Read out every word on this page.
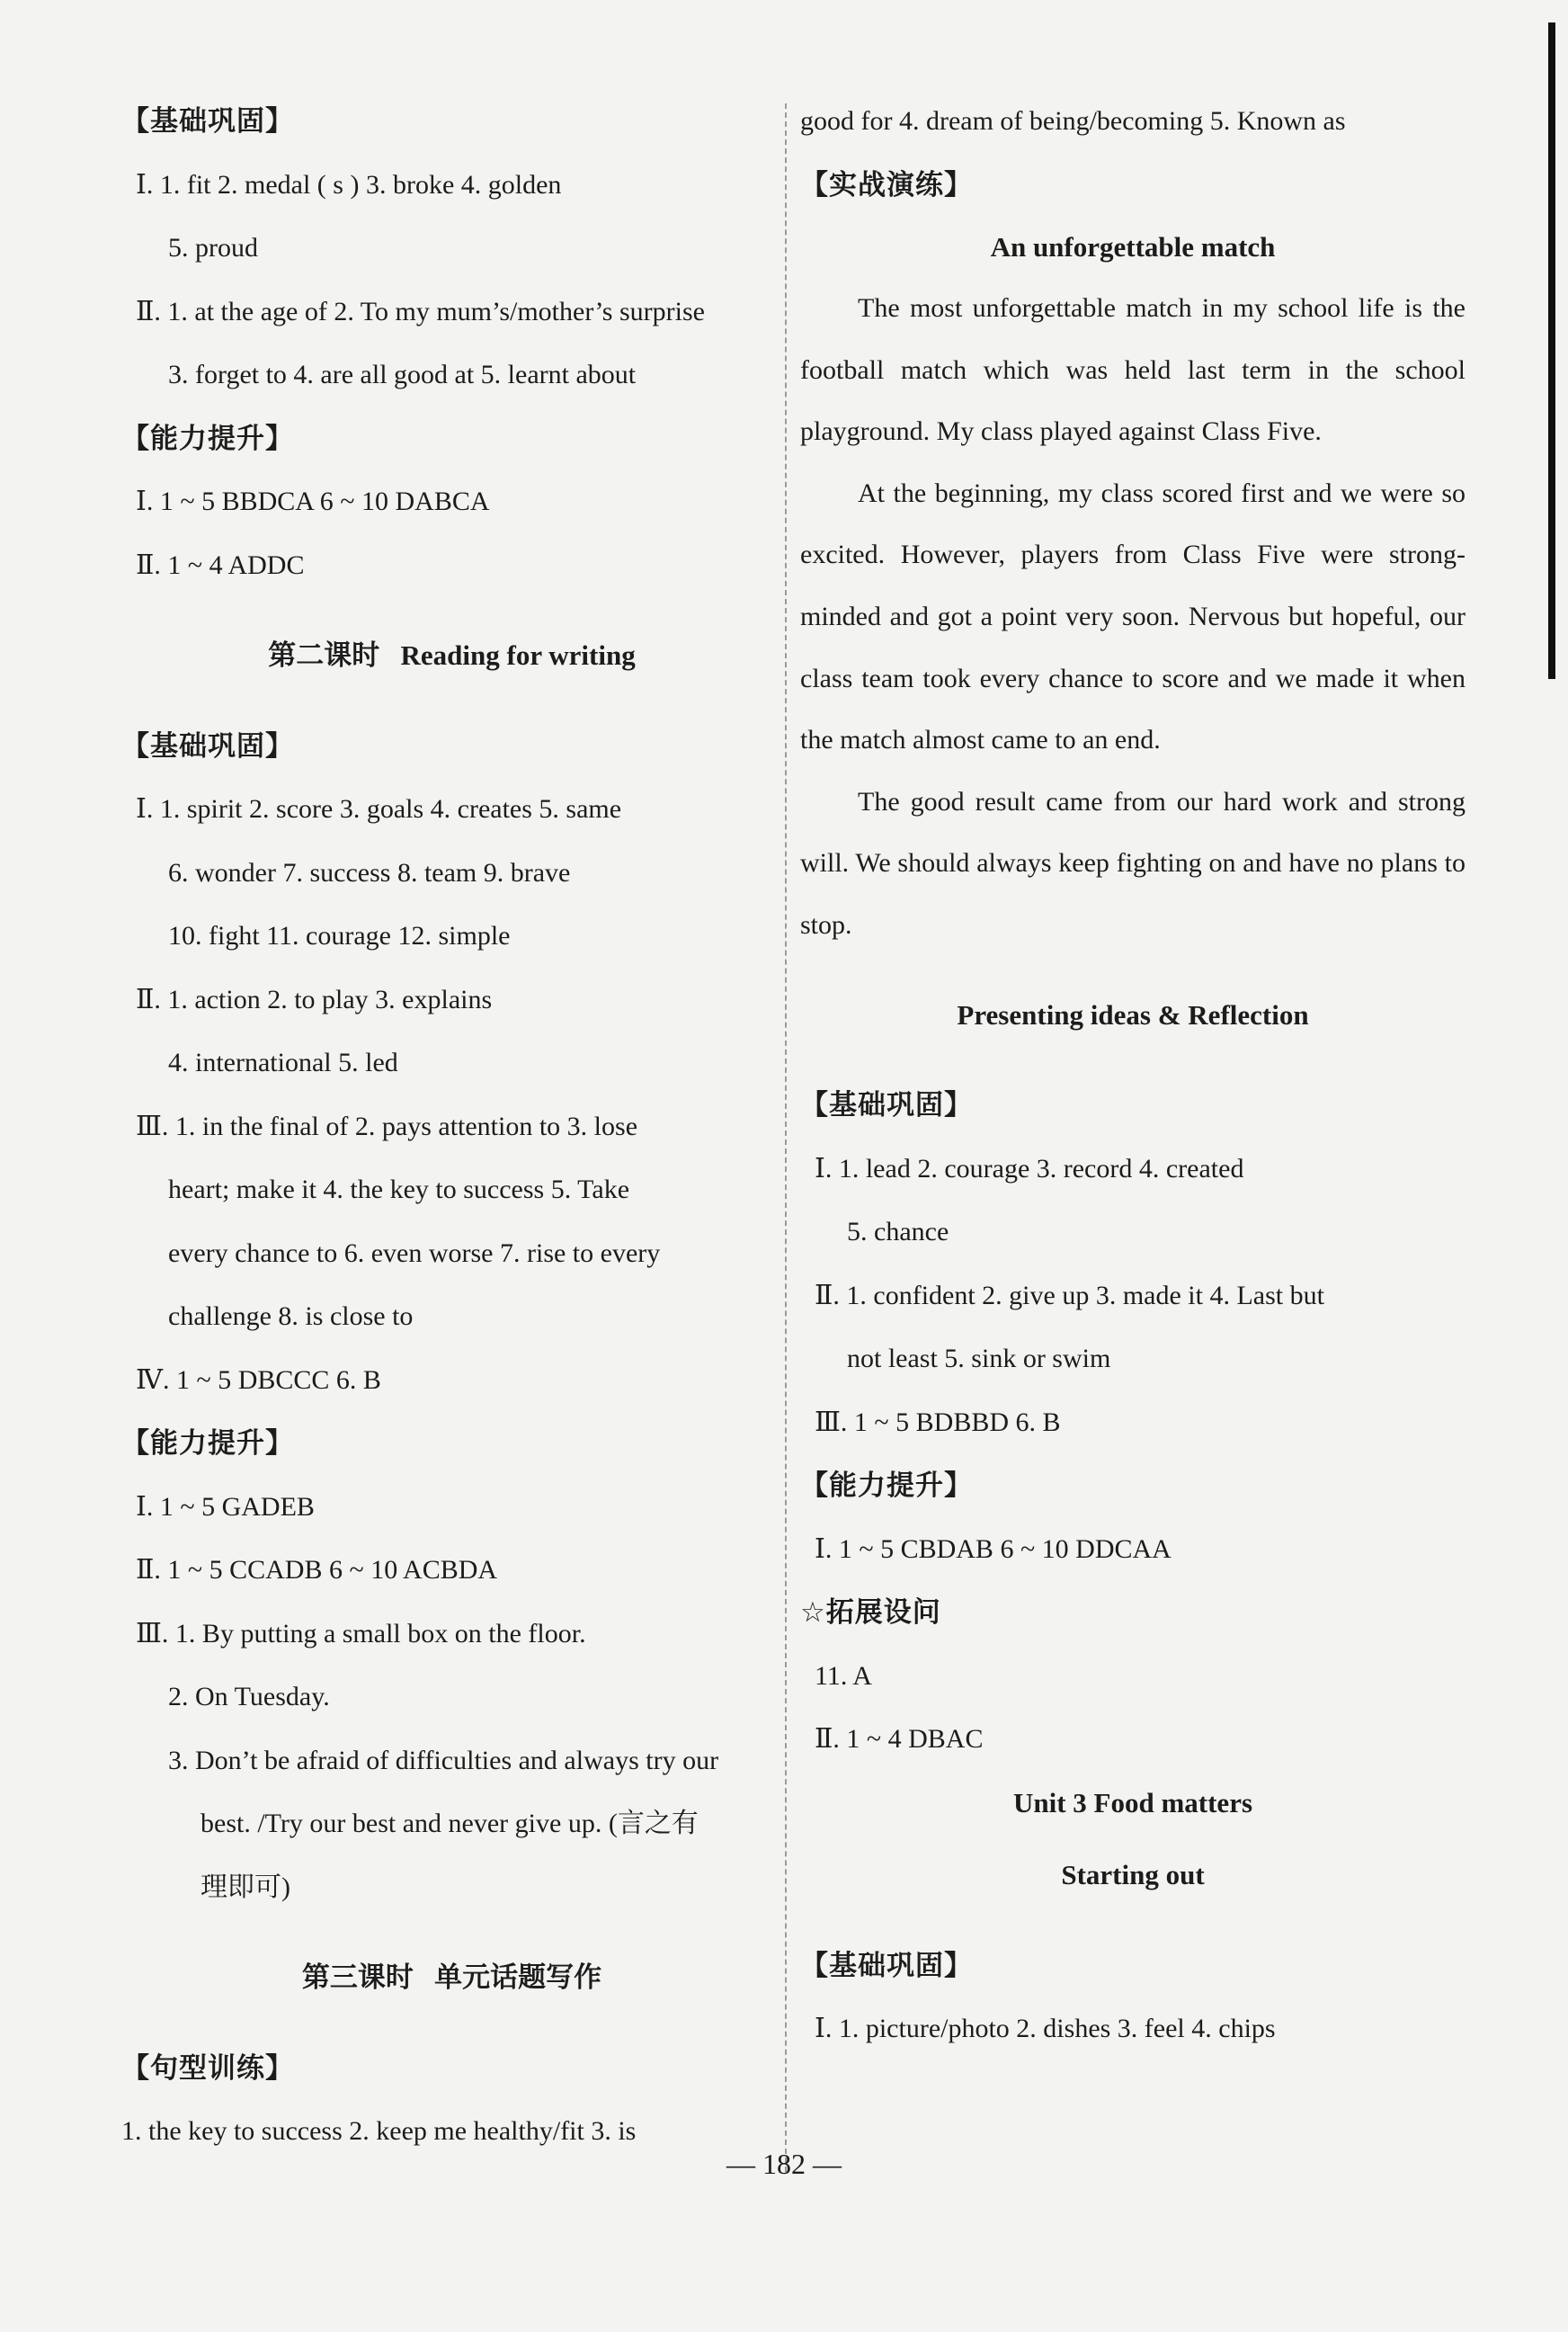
【基础巩固】
Ⅰ. 1. fit 2. medal ( s ) 3. broke 4. golden
5. proud
Ⅱ. 1. at the age of 2. To my mum’s/mother’s surprise
3. forget to 4. are all good at 5. learnt about
【能力提升】
Ⅰ. 1 ~ 5 BBDCA 6 ~ 10 DABCA
Ⅱ. 1 ~ 4 ADDC
第二课时 Reading for writing
【基础巩固】
Ⅰ. 1. spirit 2. score 3. goals 4. creates 5. same
6. wonder 7. success 8. team 9. brave
10. fight 11. courage 12. simple
Ⅱ. 1. action 2. to play 3. explains
4. international 5. led
Ⅲ. 1. in the final of 2. pays attention to 3. lose
heart; make it 4. the key to success 5. Take
every chance to 6. even worse 7. rise to every
challenge 8. is close to
Ⅳ. 1 ~ 5 DBCCC 6. B
【能力提升】
Ⅰ. 1 ~ 5 GADEB
Ⅱ. 1 ~ 5 CCADB 6 ~ 10 ACBDA
Ⅲ. 1. By putting a small box on the floor.
2. On Tuesday.
3. Don’t be afraid of difficulties and always try our
best. /Try our best and never give up. (言之有
理即可)
第三课时 单元话题写作
【句型训练】
1. the key to success 2. keep me healthy/fit 3. is
good for 4. dream of being/becoming 5. Known as
【实战演练】
An unforgettable match
The most unforgettable match in my school life is the football match which was held last term in the school playground. My class played against Class Five.
At the beginning, my class scored first and we were so excited. However, players from Class Five were strong-minded and got a point very soon. Nervous but hopeful, our class team took every chance to score and we made it when the match almost came to an end.
The good result came from our hard work and strong will. We should always keep fighting on and have no plans to stop.
Presenting ideas & Reflection
【基础巩固】
Ⅰ. 1. lead 2. courage 3. record 4. created
5. chance
Ⅱ. 1. confident 2. give up 3. made it 4. Last but
not least 5. sink or swim
Ⅲ. 1 ~ 5 BDBBD 6. B
【能力提升】
Ⅰ. 1 ~ 5 CBDAB 6 ~ 10 DDCAA
☆拓展设问
11. A
Ⅱ. 1 ~ 4 DBAC
Unit 3 Food matters
Starting out
【基础巩固】
Ⅰ. 1. picture/photo 2. dishes 3. feel 4. chips
— 182 —
